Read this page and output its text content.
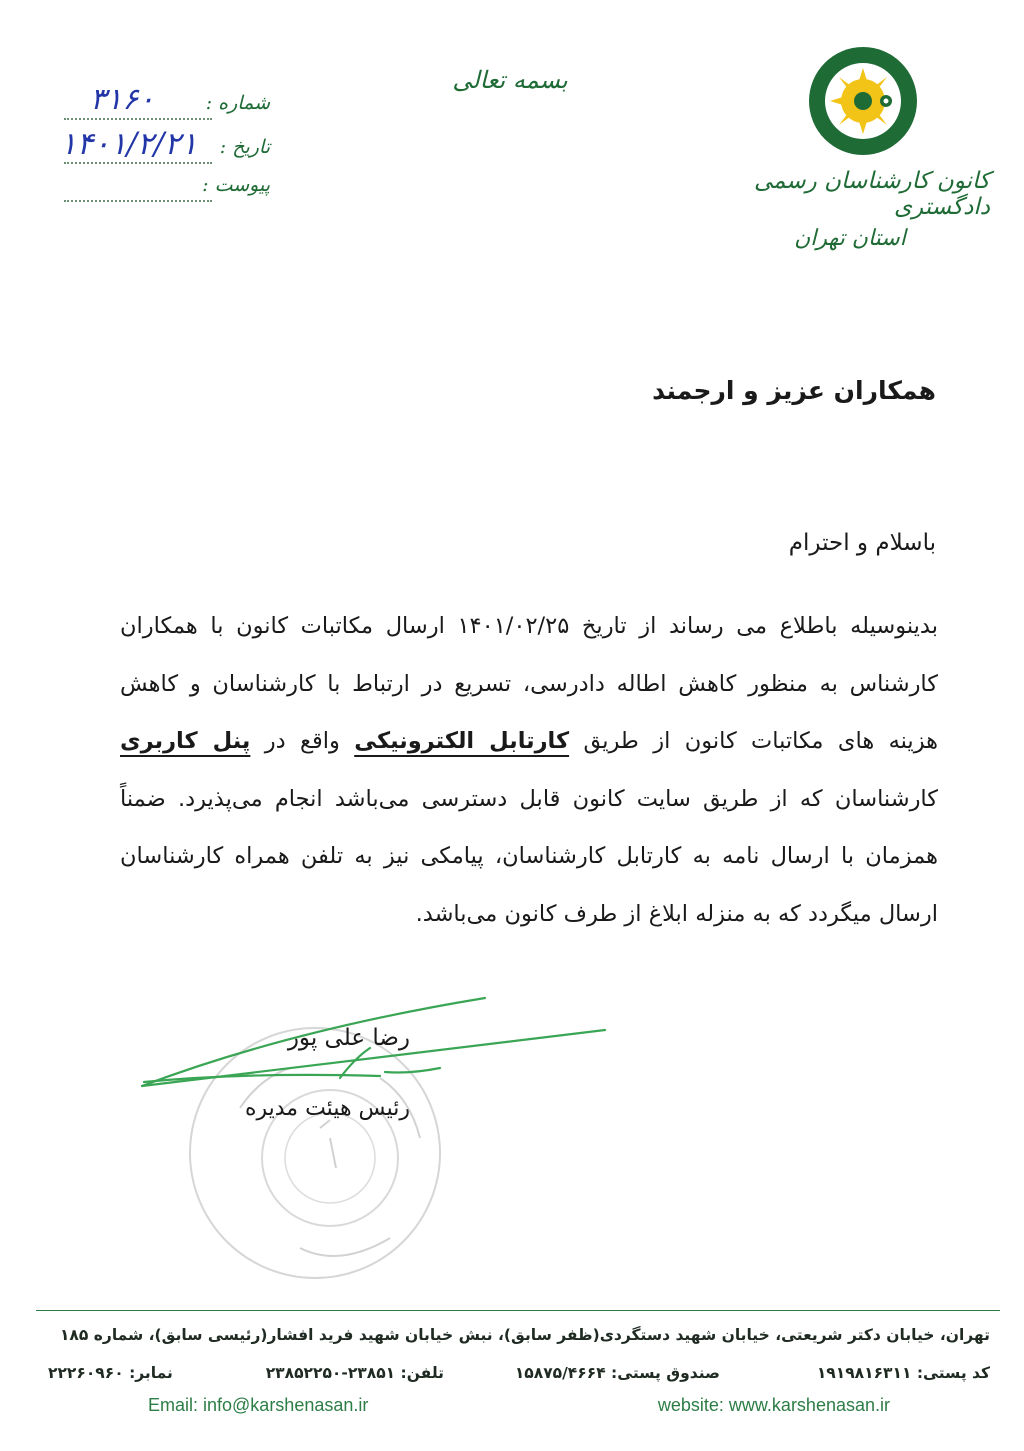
کانون کارشناسان رسمی دادگستری
استان تهران
بسمه تعالی
شماره :
۳۱۶۰
تاریخ :
۱۴۰۱/۲/۲۱
پیوست :
همکاران عزیز و ارجمند
باسلام و احترام
بدینوسیله باطلاع می رساند از تاریخ ۱۴۰۱/۰۲/۲۵ ارسال مکاتبات کانون با همکاران کارشناس به منظور کاهش اطاله دادرسی، تسریع در ارتباط با کارشناسان و کاهش هزینه های مکاتبات کانون از طریق کارتابل الکترونیکی واقع در پنل کاربری کارشناسان که از طریق سایت کانون قابل دسترسی می‌باشد انجام می‌پذیرد. ضمناً همزمان با ارسال نامه به کارتابل کارشناسان، پیامکی نیز به تلفن همراه کارشناسان ارسال میگردد که به منزله ابلاغ از طرف کانون می‌باشد.
رضا علی پور
رئیس هیئت مدیره
تهران، خیابان دکتر شریعتی، خیابان شهید دستگردی(ظفر سابق)، نبش خیابان شهید فرید افشار(رئیسی سابق)، شماره ۱۸۵
کد پستی: ۱۹۱۹۸۱۶۳۱۱
صندوق پستی: ۱۵۸۷۵/۴۶۶۴
تلفن: ۲۳۸۵۱-۲۳۸۵۲۲۵۰
نمابر: ۲۲۲۶۰۹۶۰
website: www.karshenasan.ir
Email: info@karshenasan.ir
